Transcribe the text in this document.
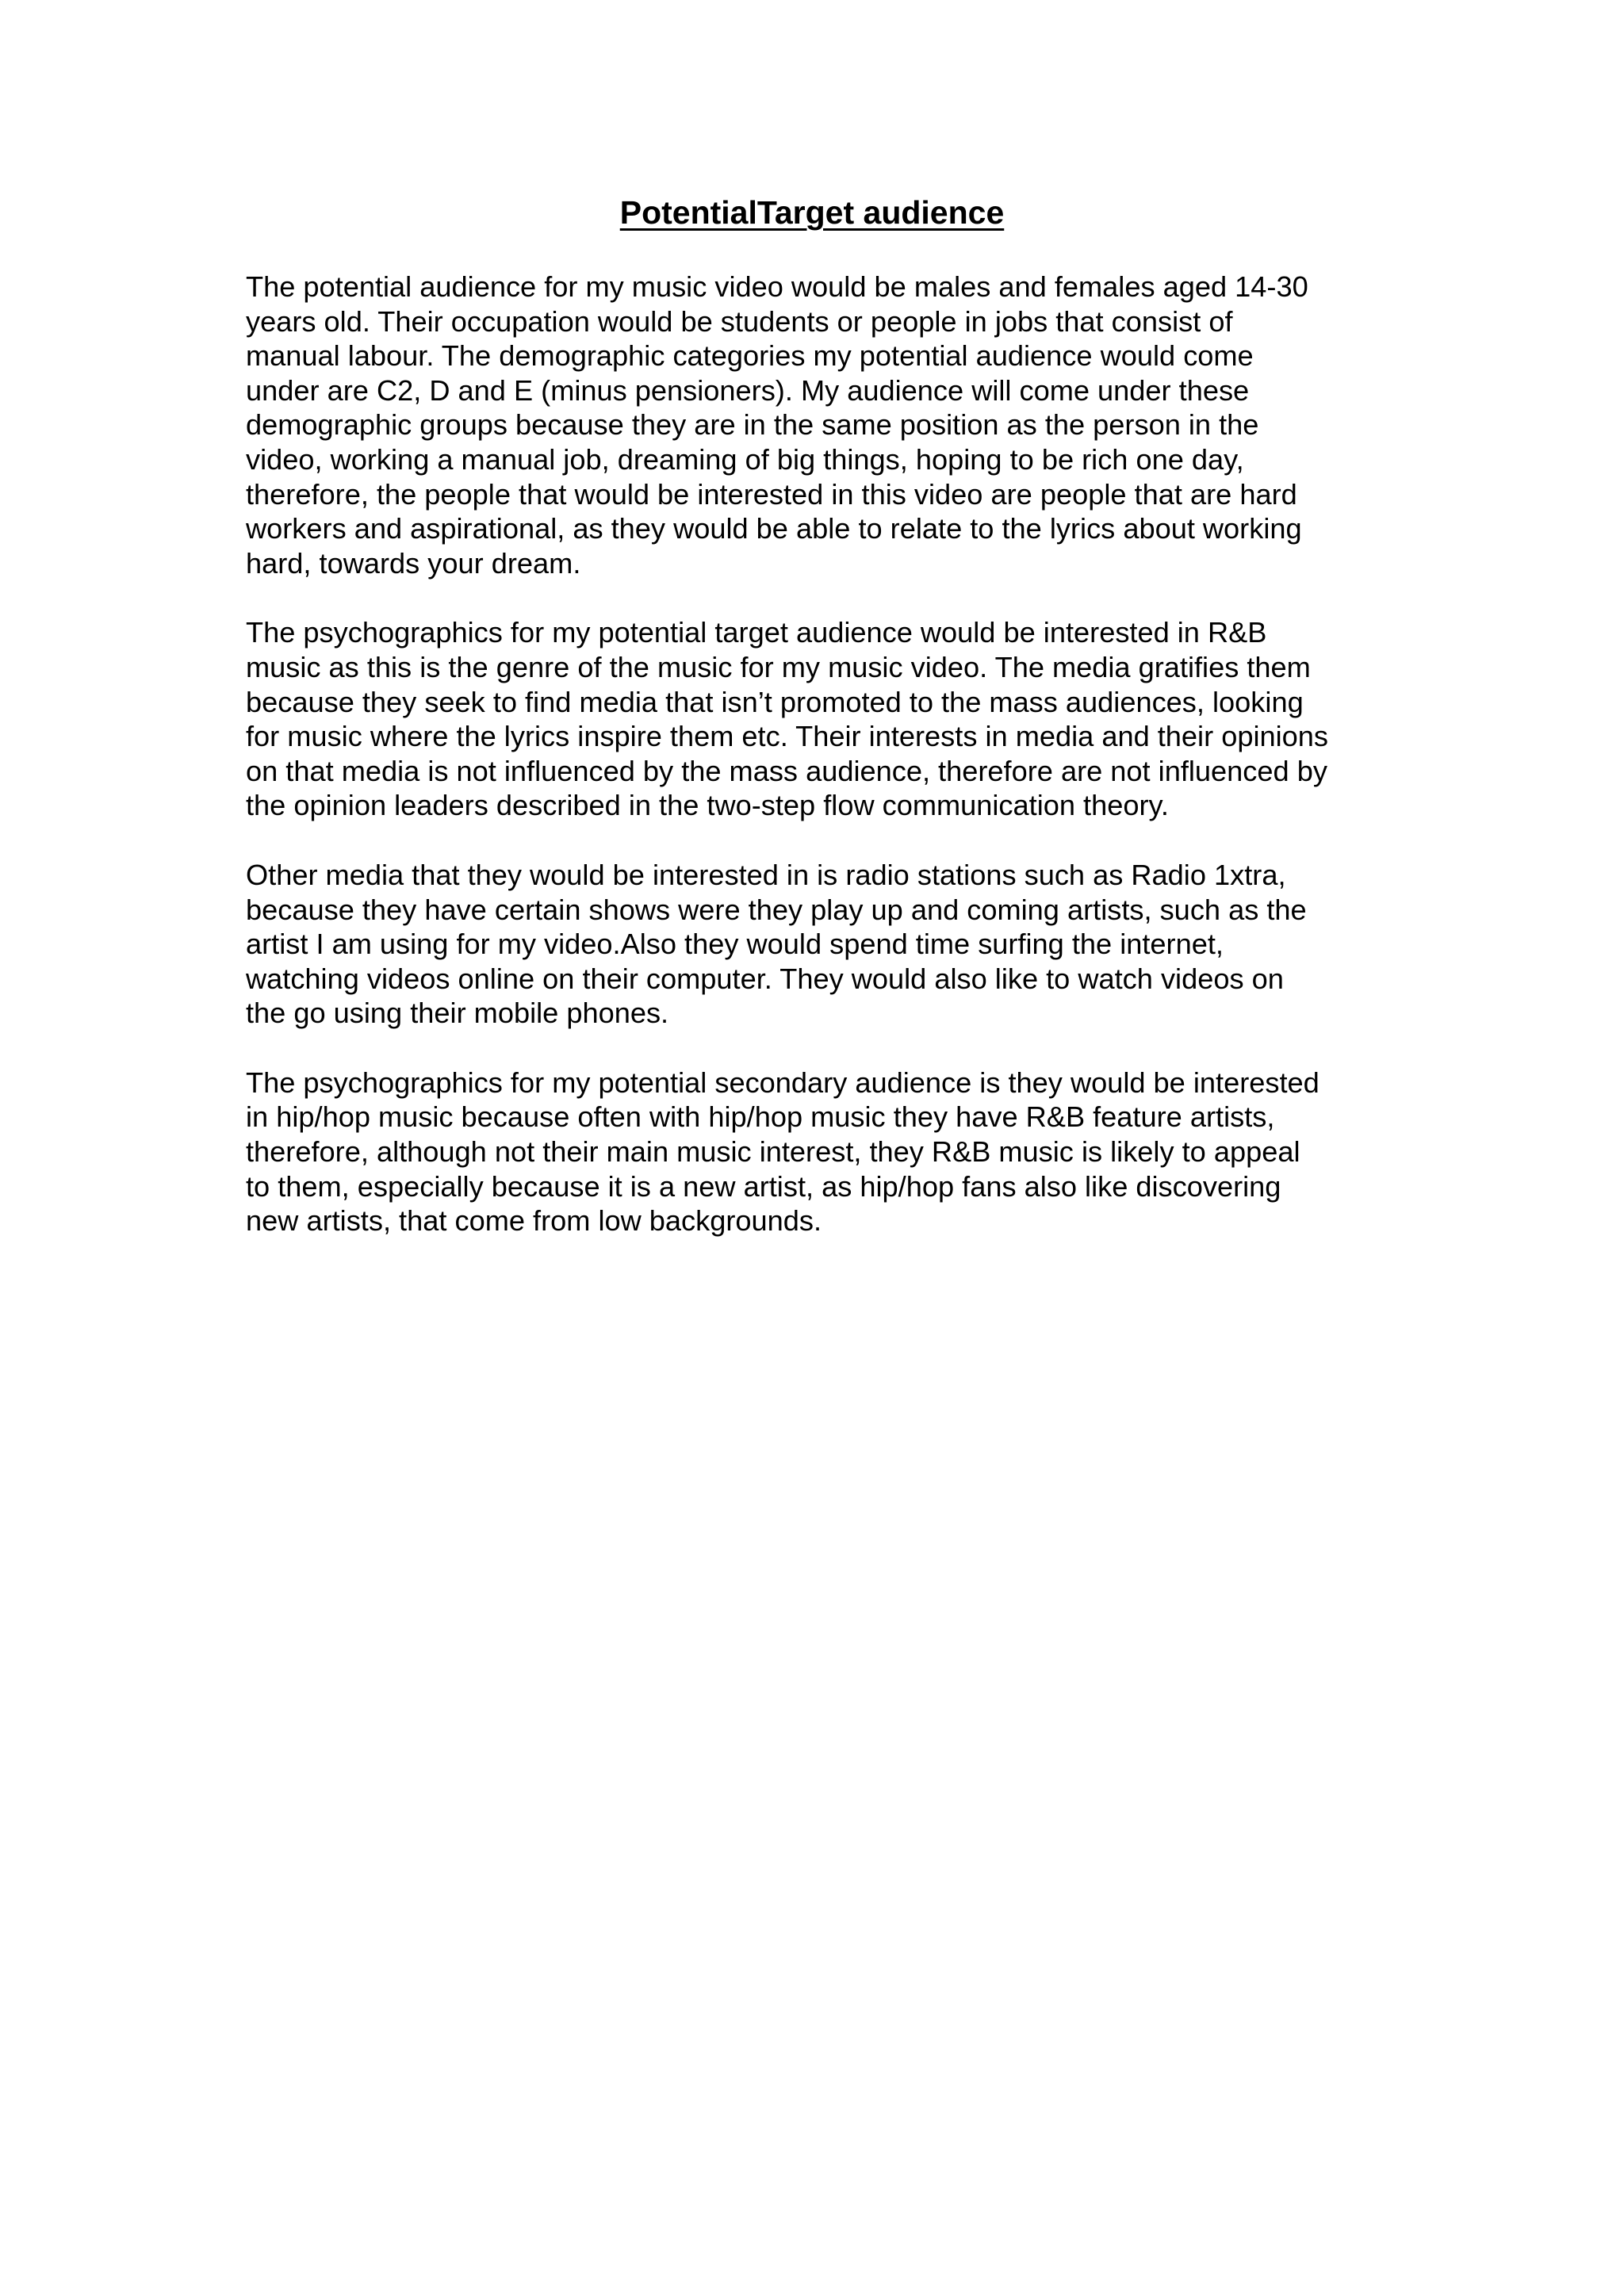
PotentialTarget audience

The potential audience for my music video would be males and females aged 14-30
years old. Their occupation would be students or people in jobs that consist of
manual labour. The demographic categories my potential audience would come
under are C2, D and E (minus pensioners). My audience will come under these
demographic groups because they are in the same position as the person in the
video, working a manual job, dreaming of big things, hoping to be rich one day,
therefore, the people that would be interested in this video are people that are hard
workers and aspirational, as they would be able to relate to the lyrics about working
hard, towards your dream.

The psychographics for my potential target audience would be interested in R&B
music as this is the genre of the music for my music video. The media gratifies them
because they seek to find media that isn’t promoted to the mass audiences, looking
for music where the lyrics inspire them etc. Their interests in media and their opinions
on that media is not influenced by the mass audience, therefore are not influenced by
the opinion leaders described in the two-step flow communication theory.

Other media that they would be interested in is radio stations such as Radio 1xtra,
because they have certain shows were they play up and coming artists, such as the
artist I am using for my video.Also they would spend time surfing the internet,
watching videos online on their computer. They would also like to watch videos on
the go using their mobile phones.

The psychographics for my potential secondary audience is they would be interested
in hip/hop music because often with hip/hop music they have R&B feature artists,
therefore, although not their main music interest, they R&B music is likely to appeal
to them, especially because it is a new artist, as hip/hop fans also like discovering
new artists, that come from low backgrounds.
